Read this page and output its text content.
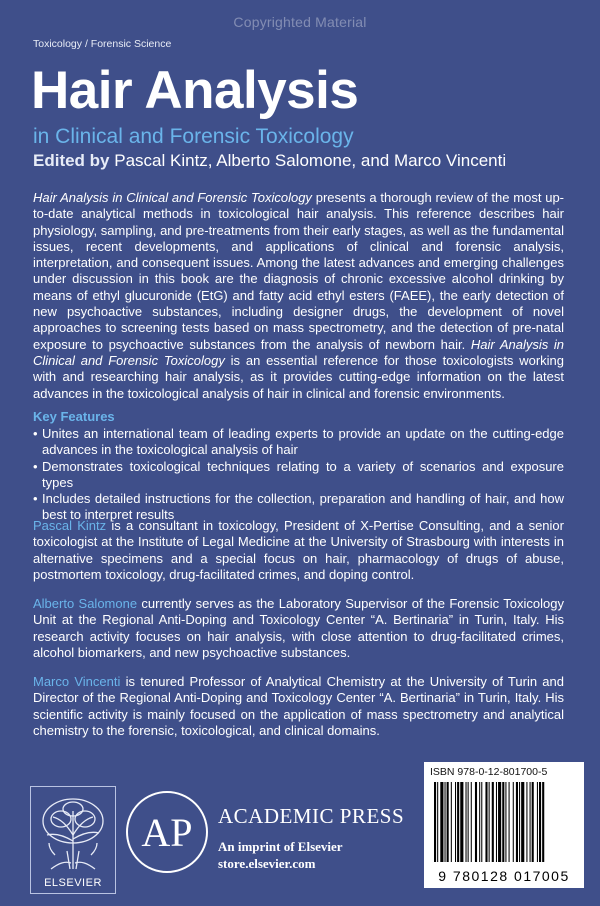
Copyrighted Material
Toxicology / Forensic Science
Hair Analysis
in Clinical and Forensic Toxicology
Edited by Pascal Kintz, Alberto Salomone, and Marco Vincenti

Hair Analysis in Clinical and Forensic Toxicology presents a thorough review of the most up-to-date analytical methods in toxicological hair analysis. This reference describes hair physiology, sampling, and pre-treatments from their early stages, as well as the fundamental issues, recent developments, and applications of clinical and forensic analysis, interpretation, and consequent issues. Among the latest advances and emerging challenges under discussion in this book are the diagnosis of chronic excessive alcohol drinking by means of ethyl glucuronide (EtG) and fatty acid ethyl esters (FAEE), the early detection of new psychoactive substances, including designer drugs, the development of novel approaches to screening tests based on mass spectrometry, and the detection of pre-natal exposure to psychoactive substances from the analysis of newborn hair. Hair Analysis in Clinical and Forensic Toxicology is an essential reference for those toxicologists working with and researching hair analysis, as it provides cutting-edge information on the latest advances in the toxicological analysis of hair in clinical and forensic environments.

Key Features
• Unites an international team of leading experts to provide an update on the cutting-edge advances in the toxicological analysis of hair
• Demonstrates toxicological techniques relating to a variety of scenarios and exposure types
• Includes detailed instructions for the collection, preparation and handling of hair, and how best to interpret results

Pascal Kintz is a consultant in toxicology, President of X-Pertise Consulting, and a senior toxicologist at the Institute of Legal Medicine at the University of Strasbourg with interests in alternative specimens and a special focus on hair, pharmacology of drugs of abuse, postmortem toxicology, drug-facilitated crimes, and doping control.

Alberto Salomone currently serves as the Laboratory Supervisor of the Forensic Toxicology Unit at the Regional Anti-Doping and Toxicology Center “A. Bertinaria” in Turin, Italy. His research activity focuses on hair analysis, with close attention to drug-facilitated crimes, alcohol biomarkers, and new psychoactive substances.

Marco Vincenti is tenured Professor of Analytical Chemistry at the University of Turin and Director of the Regional Anti-Doping and Toxicology Center “A. Bertinaria” in Turin, Italy. His scientific activity is mainly focused on the application of mass spectrometry and analytical chemistry to the forensic, toxicological, and clinical domains.

ELSEVIER
AP ACADEMIC PRESS
An imprint of Elsevier
store.elsevier.com
ISBN 978-0-12-801700-5
9 780128 017005
